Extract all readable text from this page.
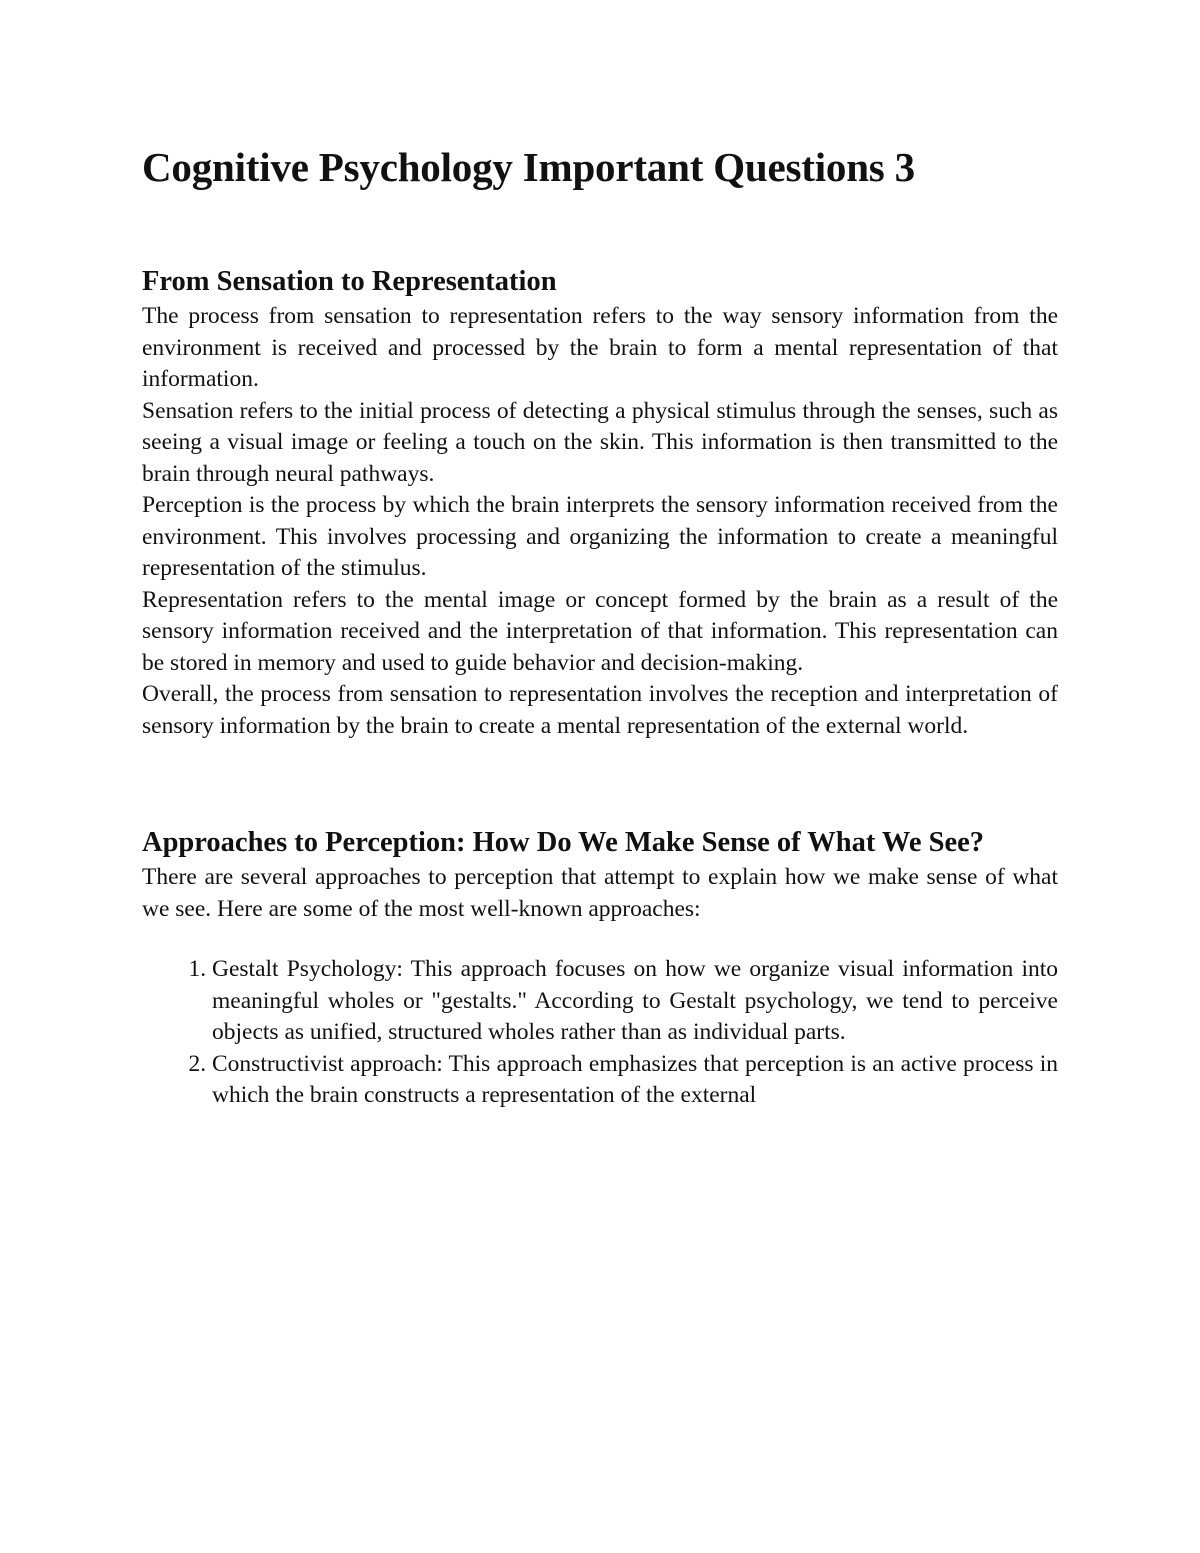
Cognitive Psychology Important Questions 3
From Sensation to Representation

The process from sensation to representation refers to the way sensory information from the environment is received and processed by the brain to form a mental representation of that information.

Sensation refers to the initial process of detecting a physical stimulus through the senses, such as seeing a visual image or feeling a touch on the skin. This information is then transmitted to the brain through neural pathways.

Perception is the process by which the brain interprets the sensory information received from the environment. This involves processing and organizing the information to create a meaningful representation of the stimulus.

Representation refers to the mental image or concept formed by the brain as a result of the sensory information received and the interpretation of that information. This representation can be stored in memory and used to guide behavior and decision-making.

Overall, the process from sensation to representation involves the reception and interpretation of sensory information by the brain to create a mental representation of the external world.

Approaches to Perception: How Do We Make Sense of What We See?

There are several approaches to perception that attempt to explain how we make sense of what we see. Here are some of the most well-known approaches:

1. Gestalt Psychology: This approach focuses on how we organize visual information into meaningful wholes or "gestalts." According to Gestalt psychology, we tend to perceive objects as unified, structured wholes rather than as individual parts.
2. Constructivist approach: This approach emphasizes that perception is an active process in which the brain constructs a representation of the external
